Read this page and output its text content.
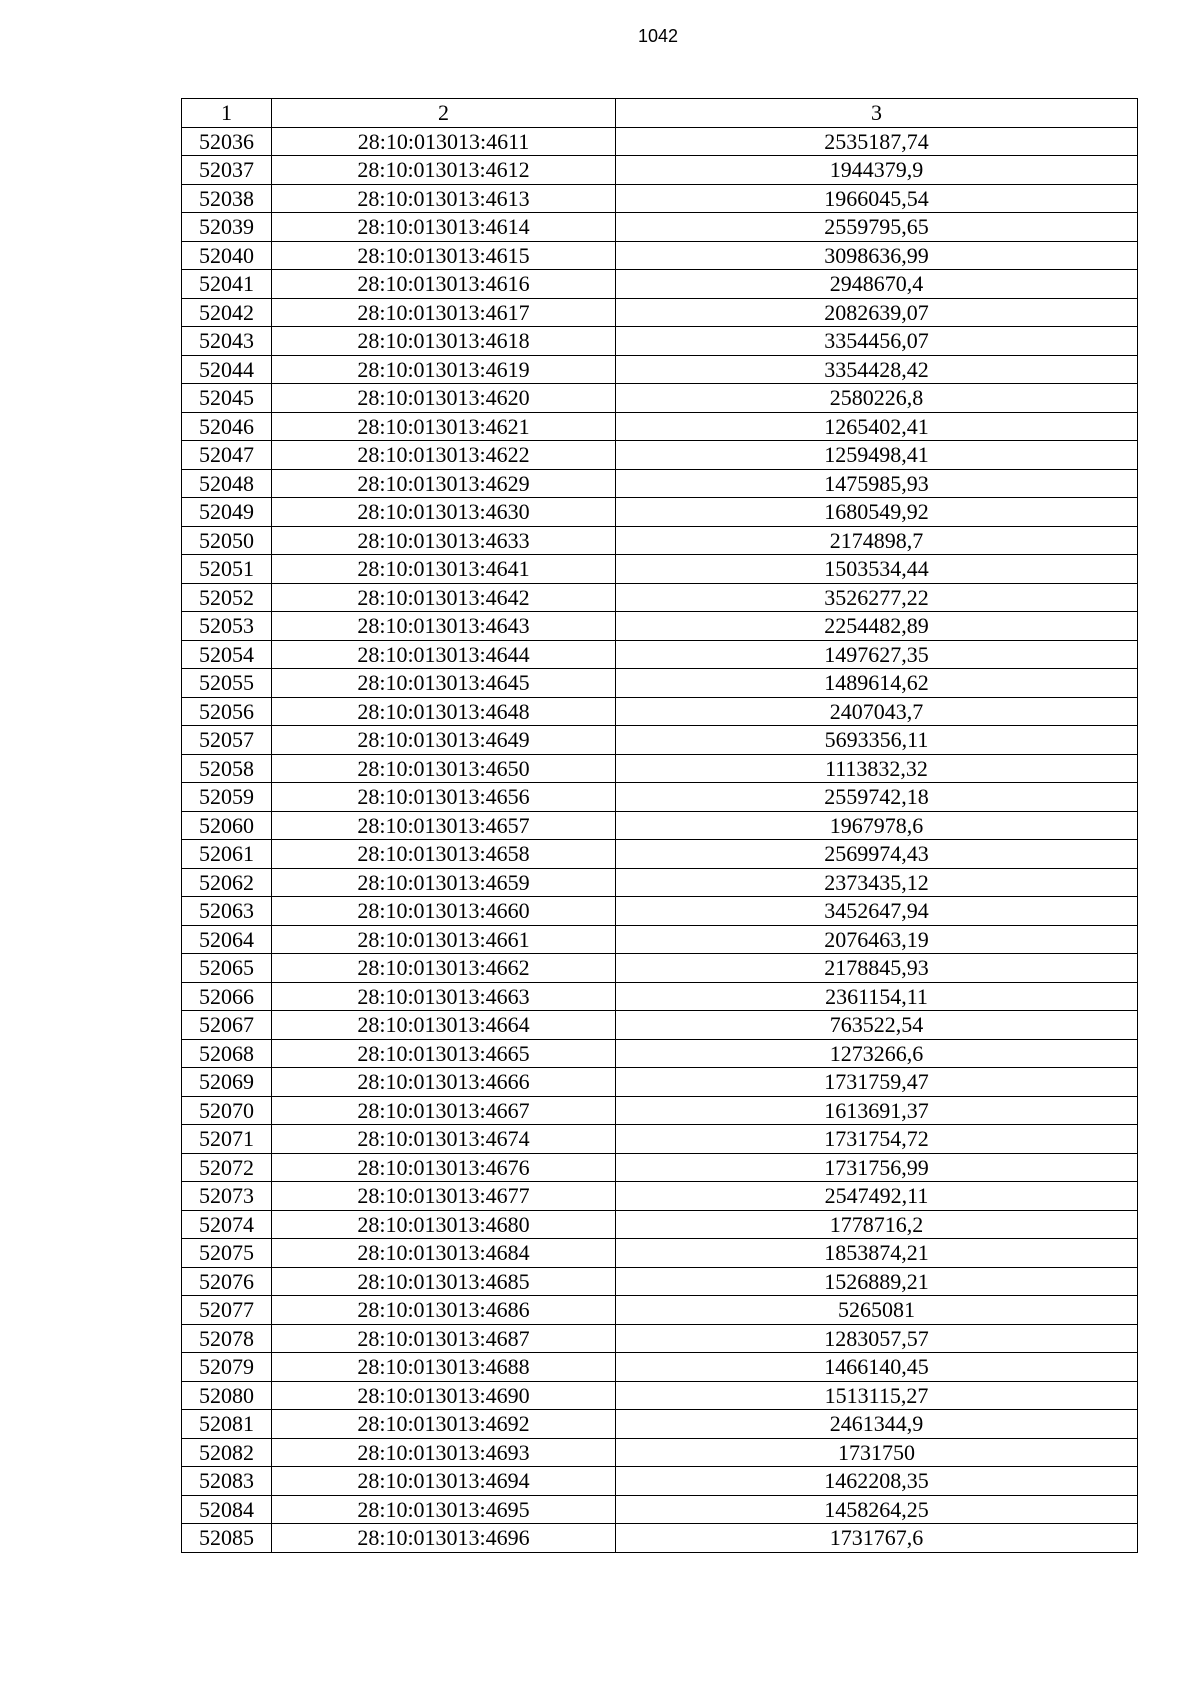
1042
1	2	3
52036	28:10:013013:4611	2535187,74
52037	28:10:013013:4612	1944379,9
52038	28:10:013013:4613	1966045,54
52039	28:10:013013:4614	2559795,65
52040	28:10:013013:4615	3098636,99
52041	28:10:013013:4616	2948670,4
52042	28:10:013013:4617	2082639,07
52043	28:10:013013:4618	3354456,07
52044	28:10:013013:4619	3354428,42
52045	28:10:013013:4620	2580226,8
52046	28:10:013013:4621	1265402,41
52047	28:10:013013:4622	1259498,41
52048	28:10:013013:4629	1475985,93
52049	28:10:013013:4630	1680549,92
52050	28:10:013013:4633	2174898,7
52051	28:10:013013:4641	1503534,44
52052	28:10:013013:4642	3526277,22
52053	28:10:013013:4643	2254482,89
52054	28:10:013013:4644	1497627,35
52055	28:10:013013:4645	1489614,62
52056	28:10:013013:4648	2407043,7
52057	28:10:013013:4649	5693356,11
52058	28:10:013013:4650	1113832,32
52059	28:10:013013:4656	2559742,18
52060	28:10:013013:4657	1967978,6
52061	28:10:013013:4658	2569974,43
52062	28:10:013013:4659	2373435,12
52063	28:10:013013:4660	3452647,94
52064	28:10:013013:4661	2076463,19
52065	28:10:013013:4662	2178845,93
52066	28:10:013013:4663	2361154,11
52067	28:10:013013:4664	763522,54
52068	28:10:013013:4665	1273266,6
52069	28:10:013013:4666	1731759,47
52070	28:10:013013:4667	1613691,37
52071	28:10:013013:4674	1731754,72
52072	28:10:013013:4676	1731756,99
52073	28:10:013013:4677	2547492,11
52074	28:10:013013:4680	1778716,2
52075	28:10:013013:4684	1853874,21
52076	28:10:013013:4685	1526889,21
52077	28:10:013013:4686	5265081
52078	28:10:013013:4687	1283057,57
52079	28:10:013013:4688	1466140,45
52080	28:10:013013:4690	1513115,27
52081	28:10:013013:4692	2461344,9
52082	28:10:013013:4693	1731750
52083	28:10:013013:4694	1462208,35
52084	28:10:013013:4695	1458264,25
52085	28:10:013013:4696	1731767,6
